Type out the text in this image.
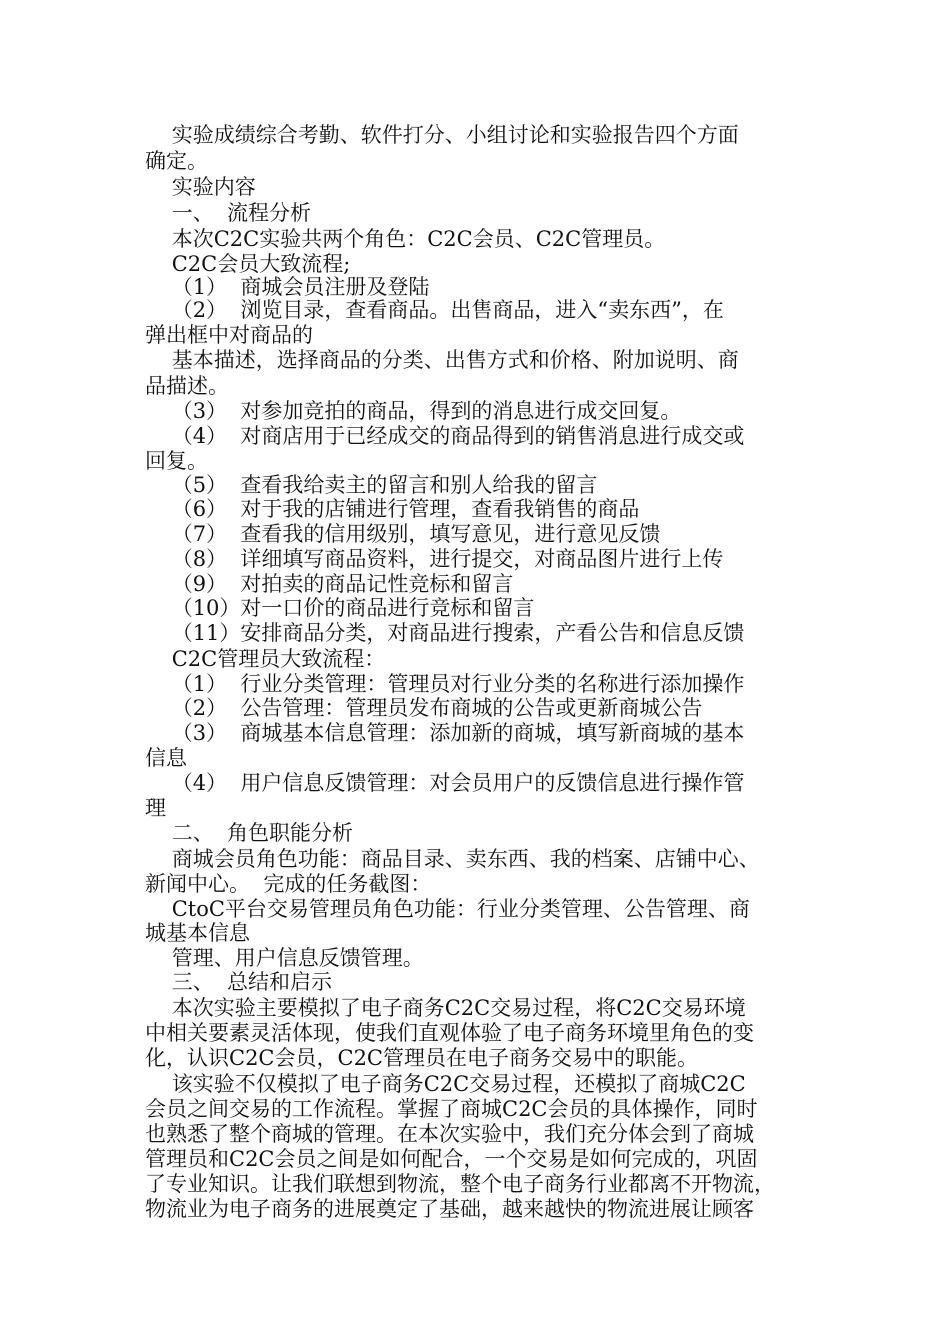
实验成绩综合考勤、软件打分、小组讨论和实验报告四个方面
确定。
实验内容
一、  流程分析
本次C2C实验共两个角色：C2C会员、C2C管理员。
C2C会员大致流程;
（1）  商城会员注册及登陆
（2）  浏览目录，查看商品。出售商品，进入“卖东西”，在
弹出框中对商品的
基本描述，选择商品的分类、出售方式和价格、附加说明、商
品描述。
（3）  对参加竞拍的商品，得到的消息进行成交回复。
（4）  对商店用于已经成交的商品得到的销售消息进行成交或
回复。
（5）  查看我给卖主的留言和别人给我的留言
（6）  对于我的店铺进行管理，查看我销售的商品
（7）  查看我的信用级别，填写意见，进行意见反馈
（8）  详细填写商品资料，进行提交，对商品图片进行上传
（9）  对拍卖的商品记性竞标和留言
（10）对一口价的商品进行竞标和留言
（11）安排商品分类，对商品进行搜索，产看公告和信息反馈
C2C管理员大致流程：
（1）  行业分类管理：管理员对行业分类的名称进行添加操作
（2）  公告管理：管理员发布商城的公告或更新商城公告
（3）  商城基本信息管理：添加新的商城，填写新商城的基本
信息
（4）  用户信息反馈管理：对会员用户的反馈信息进行操作管
理
二、  角色职能分析
商城会员角色功能：商品目录、卖东西、我的档案、店铺中心、
新闻中心。  完成的任务截图：
CtoC平台交易管理员角色功能：行业分类管理、公告管理、商
城基本信息
管理、用户信息反馈管理。
三、  总结和启示
本次实验主要模拟了电子商务C2C交易过程，将C2C交易环境
中相关要素灵活体现，使我们直观体验了电子商务环境里角色的变
化，认识C2C会员，C2C管理员在电子商务交易中的职能。
该实验不仅模拟了电子商务C2C交易过程，还模拟了商城C2C
会员之间交易的工作流程。掌握了商城C2C会员的具体操作，同时
也熟悉了整个商城的管理。在本次实验中，我们充分体会到了商城
管理员和C2C会员之间是如何配合，一个交易是如何完成的，巩固
了专业知识。让我们联想到物流，整个电子商务行业都离不开物流，
物流业为电子商务的进展奠定了基础，越来越快的物流进展让顾客
